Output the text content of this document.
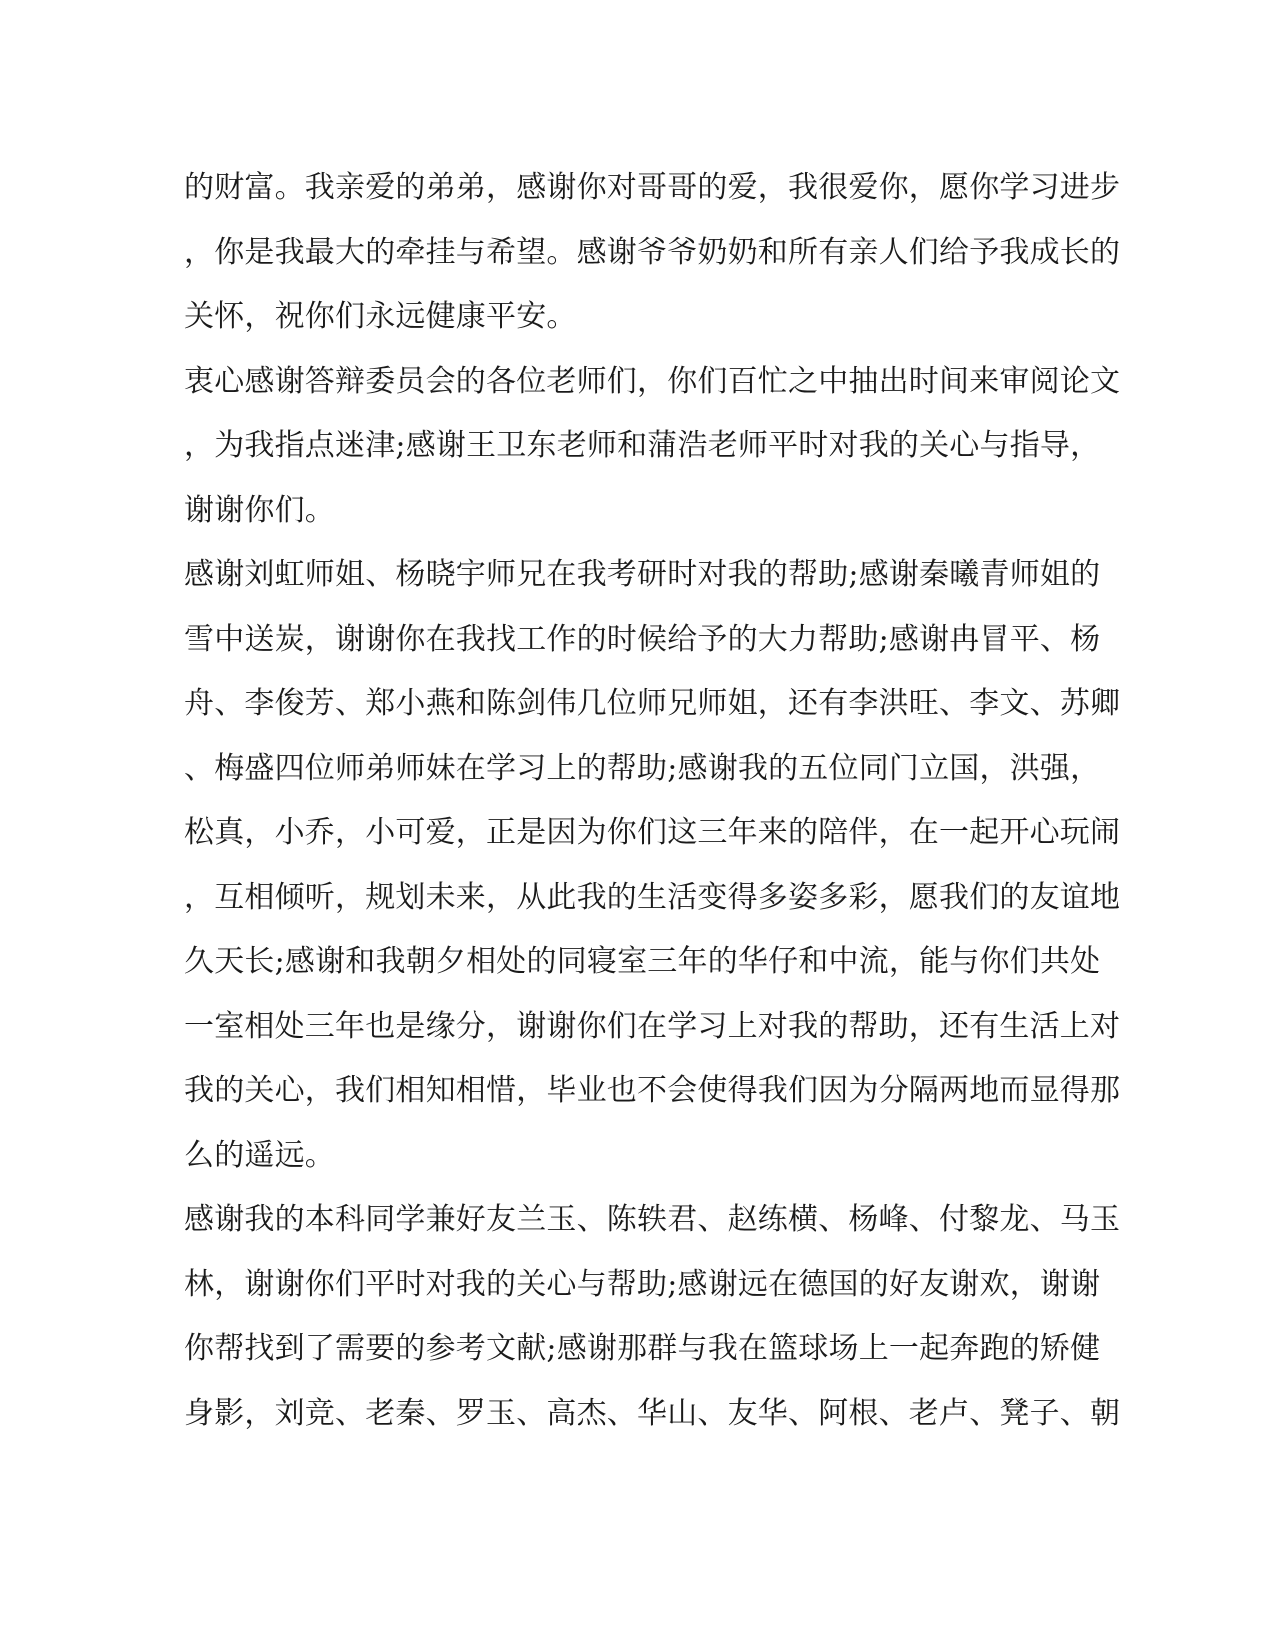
的财富。我亲爱的弟弟，感谢你对哥哥的爱，我很爱你，愿你学习进步
，你是我最大的牵挂与希望。感谢爷爷奶奶和所有亲人们给予我成长的
关怀，祝你们永远健康平安。
衷心感谢答辩委员会的各位老师们，你们百忙之中抽出时间来审阅论文
，为我指点迷津;感谢王卫东老师和蒲浩老师平时对我的关心与指导，
谢谢你们。
感谢刘虹师姐、杨晓宇师兄在我考研时对我的帮助;感谢秦曦青师姐的
雪中送炭，谢谢你在我找工作的时候给予的大力帮助;感谢冉冒平、杨
舟、李俊芳、郑小燕和陈剑伟几位师兄师姐，还有李洪旺、李文、苏卿
、梅盛四位师弟师妹在学习上的帮助;感谢我的五位同门立国，洪强，
松真，小乔，小可爱，正是因为你们这三年来的陪伴，在一起开心玩闹
，互相倾听，规划未来，从此我的生活变得多姿多彩，愿我们的友谊地
久天长;感谢和我朝夕相处的同寝室三年的华仔和中流，能与你们共处
一室相处三年也是缘分，谢谢你们在学习上对我的帮助，还有生活上对
我的关心，我们相知相惜，毕业也不会使得我们因为分隔两地而显得那
么的遥远。
感谢我的本科同学兼好友兰玉、陈轶君、赵练横、杨峰、付黎龙、马玉
林，谢谢你们平时对我的关心与帮助;感谢远在德国的好友谢欢，谢谢
你帮找到了需要的参考文献;感谢那群与我在篮球场上一起奔跑的矫健
身影，刘竞、老秦、罗玉、高杰、华山、友华、阿根、老卢、凳子、朝
